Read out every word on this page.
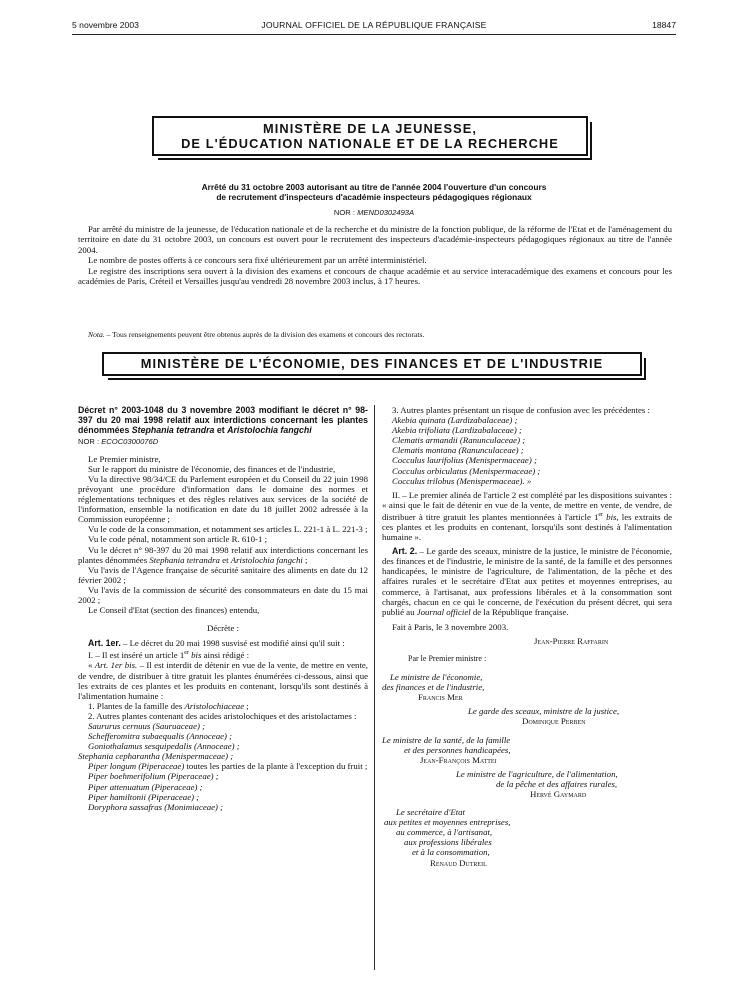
5 novembre 2003	JOURNAL OFFICIEL DE LA RÉPUBLIQUE FRANÇAISE	18847
MINISTÈRE DE LA JEUNESSE,
DE L'ÉDUCATION NATIONALE ET DE LA RECHERCHE
Arrêté du 31 octobre 2003 autorisant au titre de l'année 2004 l'ouverture d'un concours
de recrutement d'inspecteurs d'académie inspecteurs pédagogiques régionaux
NOR : MEND0302493A

Par arrêté du ministre de la jeunesse, de l'éducation nationale et de la recherche et du ministre de la fonction publique, de la réforme de l'Etat et de l'aménagement du territoire en date du 31 octobre 2003, un concours est ouvert pour le recrutement des inspecteurs d'académie-inspecteurs pédagogiques régionaux au titre de l'année 2004.

Le nombre de postes offerts à ce concours sera fixé ultérieurement par un arrêté interministériel.

Le registre des inscriptions sera ouvert à la division des examens et concours de chaque académie et au service interacadémique des examens et concours pour les académies de Paris, Créteil et Versailles jusqu'au vendredi 28 novembre 2003 inclus, à 17 heures.

Nota. – Tous renseignements peuvent être obtenus auprès de la division des examens et concours des rectorats.
MINISTÈRE DE L'ÉCONOMIE, DES FINANCES ET DE L'INDUSTRIE

Décret n° 2003-1048 du 3 novembre 2003 modifiant le décret n° 98-397 du 20 mai 1998 relatif aux interdictions concernant les plantes dénommées Stephania tetrandra et Aristolochia fangchi

NOR : ECOC0300076D

Le Premier ministre,

Sur le rapport du ministre de l'économie, des finances et de l'industrie,

Vu la directive 98/34/CE du Parlement européen et du Conseil du 22 juin 1998 prévoyant une procédure d'information dans le domaine des normes et réglementations techniques et des règles relatives aux services de la société de l'information, ensemble la notification en date du 18 juillet 2002 adressée à la Commission européenne ;

Vu le code de la consommation, et notamment ses articles L. 221-1 à L. 221-3 ;

Vu le code pénal, notamment son article R. 610-1 ;

Vu le décret n° 98-397 du 20 mai 1998 relatif aux interdictions concernant les plantes dénommées Stephania tetrandra et Aristolochia fangchi ;

Vu l'avis de l'Agence française de sécurité sanitaire des aliments en date du 12 février 2002 ;

Vu l'avis de la commission de sécurité des consommateurs en date du 15 mai 2002 ;

Le Conseil d'Etat (section des finances) entendu,

Décrète :

Art. 1er. – Le décret du 20 mai 1998 susvisé est modifié ainsi qu'il suit :

I. – Il est inséré un article 1er bis ainsi rédigé :

« Art. 1er bis. – Il est interdit de détenir en vue de la vente, de mettre en vente, de vendre, de distribuer à titre gratuit les plantes énumérées ci-dessous, ainsi que les extraits de ces plantes et les produits en contenant, lorsqu'ils sont destinés à l'alimentation humaine :

1. Plantes de la famille des Aristolochiaceae ;

2. Autres plantes contenant des acides aristolochiques et des aristolactames :

Saururus cernuus (Sauruaceae) ;

Schefferomitra subaequalis (Annoceae) ;

Goniothalamus sesquipedalis (Annoceae) ;

Stephania cepharantha (Menispermaceae) ;

Piper longum (Piperaceae) toutes les parties de la plante à l'exception du fruit ;

Piper boehmerifolium (Piperaceae) ;

Piper attenuatum (Piperaceae) ;

Piper hamiltonii (Piperaceae) ;

Doryphora sassafras (Monimiaceae) ;

3. Autres plantes présentant un risque de confusion avec les précédentes :

Akebia quinata (Lardizabalaceae) ;

Akebia trifoliata (Lardizabalaceae) ;

Clematis armandii (Ranunculaceae) ;

Clematis montana (Ranunculaceae) ;

Cocculus laurifolius (Menispermaceae) ;

Cocculus orbiculatus (Menispermaceae) ;

Cocculus trilobus (Menispermaceae). »

II. – Le premier alinéa de l'article 2 est complété par les dispositions suivantes : « ainsi que le fait de détenir en vue de la vente, de mettre en vente, de vendre, de distribuer à titre gratuit les plantes mentionnées à l'article 1er bis, les extraits de ces plantes et les produits en contenant, lorsqu'ils sont destinés à l'alimentation humaine ».

Art. 2. – Le garde des sceaux, ministre de la justice, le ministre de l'économie, des finances et de l'industrie, le ministre de la santé, de la famille et des personnes handicapées, le ministre de l'agriculture, de l'alimentation, de la pêche et des affaires rurales et le secrétaire d'Etat aux petites et moyennes entreprises, au commerce, à l'artisanat, aux professions libérales et à la consommation sont chargés, chacun en ce qui le concerne, de l'exécution du présent décret, qui sera publié au Journal officiel de la République française.

Fait à Paris, le 3 novembre 2003.

Jean-Pierre Raffarin

Par le Premier ministre :

Le ministre de l'économie,

des finances et de l'industrie,

Francis Mer

Le garde des sceaux, ministre de la justice,

Dominique Perben

Le ministre de la santé, de la famille

et des personnes handicapées,

Jean-François Mattei

Le ministre de l'agriculture, de l'alimentation,

de la pêche et des affaires rurales,

Hervé Gaymard

Le secrétaire d'Etat

aux petites et moyennes entreprises,

au commerce, à l'artisanat,

aux professions libérales

et à la consommation,

Renaud Dutreil
